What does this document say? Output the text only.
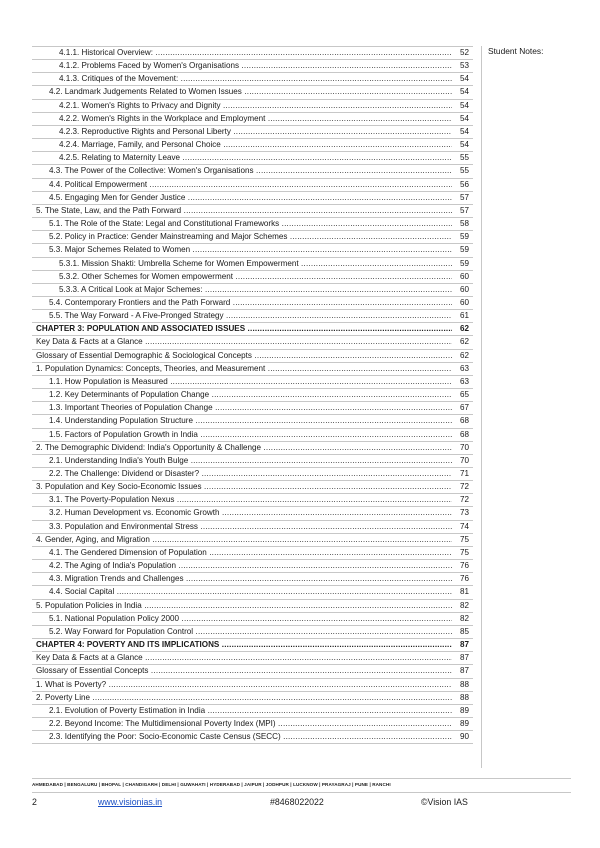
4.1.1. Historical Overview: .....	52
4.1.2. Problems Faced by Women's Organisations .....	53
4.1.3. Critiques of the Movement: .....	54
4.2. Landmark Judgements Related to Women Issues .....	54
4.2.1. Women's Rights to Privacy and Dignity .....	54
4.2.2. Women's Rights in the Workplace and Employment .....	54
4.2.3. Reproductive Rights and Personal Liberty .....	54
4.2.4. Marriage, Family, and Personal Choice .....	54
4.2.5. Relating to Maternity Leave .....	55
4.3. The Power of the Collective: Women's Organisations .....	55
4.4. Political Empowerment .....	56
4.5. Engaging Men for Gender Justice .....	57
5. The State, Law, and the Path Forward .....	57
5.1. The Role of the State: Legal and Constitutional Frameworks .....	58
5.2. Policy in Practice: Gender Mainstreaming and Major Schemes .....	59
5.3. Major Schemes Related to Women .....	59
5.3.1. Mission Shakti: Umbrella Scheme for Women Empowerment .....	59
5.3.2. Other Schemes for Women empowerment .....	60
5.3.3. A Critical Look at Major Schemes: .....	60
5.4. Contemporary Frontiers and the Path Forward .....	60
5.5. The Way Forward - A Five-Pronged Strategy .....	61
CHAPTER 3: POPULATION AND ASSOCIATED ISSUES .....	62
Key Data & Facts at a Glance .....	62
Glossary of Essential Demographic & Sociological Concepts .....	62
1. Population Dynamics: Concepts, Theories, and Measurement .....	63
1.1. How Population is Measured .....	63
1.2. Key Determinants of Population Change .....	65
1.3. Important Theories of Population Change .....	67
1.4. Understanding Population Structure .....	68
1.5. Factors of Population Growth in India .....	68
2. The Demographic Dividend: India's Opportunity & Challenge .....	70
2.1. Understanding India's Youth Bulge .....	70
2.2. The Challenge: Dividend or Disaster? .....	71
3. Population and Key Socio-Economic Issues .....	72
3.1. The Poverty-Population Nexus .....	72
3.2. Human Development vs. Economic Growth .....	73
3.3. Population and Environmental Stress .....	74
4. Gender, Aging, and Migration .....	75
4.1. The Gendered Dimension of Population .....	75
4.2. The Aging of India's Population .....	76
4.3. Migration Trends and Challenges .....	76
4.4. Social Capital .....	81
5. Population Policies in India .....	82
5.1. National Population Policy 2000 .....	82
5.2. Way Forward for Population Control .....	85
CHAPTER 4: POVERTY AND ITS IMPLICATIONS .....	87
Key Data & Facts at a Glance .....	87
Glossary of Essential Concepts .....	87
1. What is Poverty? .....	88
2. Poverty Line .....	88
2.1. Evolution of Poverty Estimation in India .....	89
2.2. Beyond Income: The Multidimensional Poverty Index (MPI) .....	89
2.3. Identifying the Poor: Socio-Economic Caste Census (SECC) .....	90
Student Notes:
AHMEDABAD | BENGALURU | BHOPAL | CHANDIGARH | DELHI | GUWAHATI | HYDERABAD | JAIPUR | JODHPUR | LUCKNOW | PRAYAGRAJ | PUNE | RANCHI
2	www.visionias.in	#8468022022	©Vision IAS
